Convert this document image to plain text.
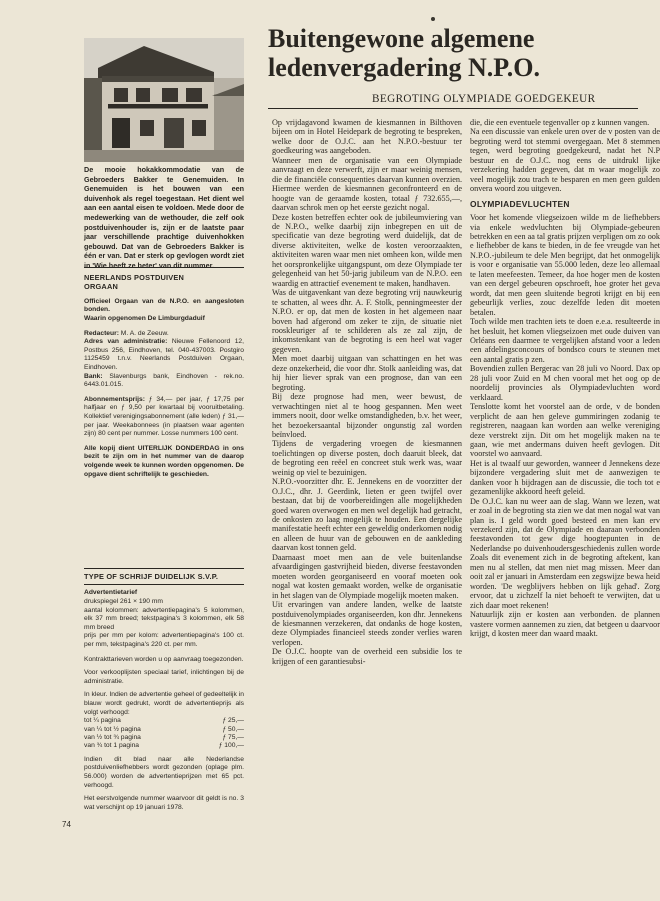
De mooie hokakkommodatie van de Gebroeders Bakker te Genemuiden. In Genemuiden is het bouwen van een duivenhok als regel toegestaan. Het dient wel aan een aantal eisen te voldoen. Mede door de medewerking van de wethouder, die zelf ook postduivenhouder is, zijn er de laatste paar jaar verschillende prachtige duivenhokken gebouwd. Dat van de Gebroeders Bakker is één er van. Dat er sterk op gevlogen wordt ziet in 'Wie heeft ze beter' van dit nummer.
NEERLANDS POSTDUIVEN
ORGAAN
Officieel Orgaan van de N.P.O. en aangesloten bonden.
Waarin opgenomen De Limburgdaduif
Redacteur: M. A. de Zeeuw.
Adres van administratie: Nieuwe Fellenoord 12, Postbus 256, Eindhoven, tel. 040-437003. Postgiro 1125459 t.n.v. Neerlands Postduiven Orgaan, Eindhoven.
Bank: Slavenburgs bank, Eindhoven - rek.no. 6443.01.015.
Abonnementsprijs: ƒ 34,— per jaar, ƒ 17,75 per halfjaar en ƒ 9,50 per kwartaal bij vooruitbetaling. Kollektief verenigingsabonnement (alle leden) ƒ 31,— per jaar. Weekabonnees (in plaatsen waar agenten zijn) 80 cent per nummer. Losse nummers 100 cent.
Alle kopij dient UITERLIJK DONDERDAG in ons bezit te zijn om in het nummer van de daarop volgende week te kunnen worden opgenomen. De opgave dient schriftelijk te geschieden.
TYPE OF SCHRIJF DUIDELIJK S.V.P.
Advertentietarief
drukspiegel 261 × 190 mm
aantal kolommen: advertentiepagina's 5 kolommen, elk 37 mm breed; tekstpagina's 3 kolommen, elk 58 mm breed
prijs per mm per kolom: advertentiepagina's 100 ct. per mm, tekstpagina's 220 ct. per mm.
Kontrakttarieven worden u op aanvraag toegezonden.
Voor verkooplijsten speciaal tarief, inlichtingen bij de administratie.
In kleur. Indien de advertentie geheel of gedeeltelijk in blauw wordt gedrukt, wordt de advertentieprijs als volgt verhoogd:
tot ¼ pagina	ƒ 25,—
van ¼ tot ½ pagina	ƒ 50,—
van ½ tot ¾ pagina	ƒ 75,—
van ¾ tot 1 pagina	ƒ 100,—
Indien dit blad naar alle Nederlandse postduivenliefhebbers wordt gezonden (oplage plm. 56.000) worden de advertentieprijzen met 65 pct. verhoogd.
Het eerstvolgende nummer waarvoor dit geldt is no. 3 wat verschijnt op 19 januari 1978.
74
Buitengewone algemene
ledenvergadering N.P.O.
BEGROTING OLYMPIADE GOEDGEKEUR

Op vrijdagavond kwamen de kiesmannen in Bilthoven bijeen om in Hotel Heidepark de begroting te bespreken, welke door de O.J.C. aan het N.P.O.-bestuur ter goedkeuring was aangeboden.

Wanneer men de organisatie van een Olympiade aanvraagt en deze verwerft, zijn er maar weinig mensen, die de financiële consequenties daarvan kunnen overzien. Hiermee werden de kiesmannen geconfronteerd en de hoogte van de geraamde kosten, totaal ƒ 732.655,—, daarvan schrok men op het eerste gezicht nogal.

Deze kosten betreffen echter ook de jubileumviering van de N.P.O., welke daarbij zijn inbegrepen en uit de specificatie van deze begroting werd duidelijk, dat de diverse aktiviteiten, welke de kosten veroorzaakten, aktiviteiten waren waar men niet omheen kon, wilde men het oorspronkelijke uitgangspunt, om deze Olympiade ter gelegenheid van het 50-jarig jubileum van de N.P.O. een waardig en attractief evenement te maken, handhaven.

Was de uitgavenkant van deze begroting vrij nauwkeurig te schatten, al wees dhr. A. F. Stolk, penningmeester der N.P.O. er op, dat men de kosten in het algemeen naar boven had afgerond om zeker te zijn, de situatie niet rooskleuriger af te schilderen als ze zal zijn, de inkomstenkant van de begroting is een heel wat vager gegeven.

Men moet daarbij uitgaan van schattingen en het was deze onzekerheid, die voor dhr. Stolk aanleiding was, dat hij hier liever sprak van een prognose, dan van een begroting.

Bij deze prognose had men, weer bewust, de verwachtingen niet al te hoog gespannen. Men weet immers nooit, door welke omstandigheden, b.v. het weer, het bezoekersaantal bijzonder ongunstig zal worden beïnvloed.

Tijdens de vergadering vroegen de kiesmannen toelichtingen op diverse posten, doch daaruit bleek, dat de begroting een reëel en concreet stuk werk was, waar weinig op viel te bezuinigen.

N.P.O.-voorzitter dhr. E. Jennekens en de voorzitter der O.J.C., dhr. J. Geerdink, lieten er geen twijfel over bestaan, dat bij de voorbereidingen alle mogelijkheden goed waren overwogen en men wel degelijk had getracht, de onkosten zo laag mogelijk te houden. Een dergelijke manifestatie heeft echter een geweldig onderkomen nodig en alleen de huur van de gebouwen en de aankleding daarvan kost tonnen geld.

Daarnaast moet men aan de vele buitenlandse afvaardigingen gastvrijheid bieden, diverse feestavonden moeten worden georganiseerd en vooraf moeten ook nogal wat kosten gemaakt worden, welke de organisatie in het slagen van de Olympiade mogelijk moeten maken.

Uit ervaringen van andere landen, welke de laatste postduivenolympiades organiseerden, kon dhr. Jennekens de kiesmannen verzekeren, dat ondanks de hoge kosten, deze Olympiades financieel steeds zonder verlies waren verlopen.

De O.J.C. hoopte van de overheid een subsidie los te krijgen of een garantiesubsi-

die, die een eventuele tegenvaller op z kunnen vangen.

Na een discussie van enkele uren over de v posten van de begroting werd tot stemmi overgegaan. Met 8 stemmen tegen, werd begroting goedgekeurd, nadat het N.P bestuur en de O.J.C. nog eens de uitdrukl lijke verzekering hadden gegeven, dat m waar mogelijk zo veel mogelijk zou trach te besparen en men geen gulden onvera woord zou uitgeven.

OLYMPIADEVLUCHTEN

Voor het komende vliegseizoen wilde m de liefhebbers via enkele wedvluchten bij Olympiade-gebeuren betrekken en een aa tal gratis prijzen verpligen om zo ook e liefhebber de kans te bieden, in de fee vreugde van het N.P.O.-jubileum te dele Men begrijpt, dat het onmogelijk is voor e organisatie van 55.000 leden, deze leo allemaal te laten meefeesten. Temeer, da hoe hoger men de kosten van een dergel gebeuren opschroeft, hoe groter het geva wordt, dat men geen sluitende begroti krijgt en bij een gebeurlijk verlies, zouc dezelfde leden dit moeten betalen.

Toch wilde men trachten iets te doen e.e.a. resulteerde in het besluit, het komen vliegseizoen met oude duiven van Orléans een daarmee te vergelijken afstand voor a leden een afdelingsconcours of bondsco cours te steunen met een aantal gratis p zen.

Bovendien zullen Bergerac van 28 juli vo Noord. Dax op 28 juli voor Zuid en M chen vooral met het oog op de noordelij provincies als Olympiadevluchten word verklaard.

Tenslotte komt het voorstel aan de orde, v de bonden verplicht de aan hen geleve gummiringen zodanig te registreren, naagaan kan worden aan welke vereniging deze verstrekt zijn. Dit om het mogelijk maken na te gaan, wie met andermans duiven heeft gevlogen. Dit voorstel wo aanvaard.

Het is al twaalf uur geworden, wanneer d Jennekens deze bijzondere vergadering sluit met de aanwezigen te danken voor h bijdragen aan de discussie, die toch tot e gezamenlijke akkoord heeft geleid.

De O.J.C. kan nu weer aan de slag. Wann we lezen, wat er zoal in de begroting sta zien we dat men nogal wat van plan is. I geld wordt goed besteed en men kan erv verzekerd zijn, dat de Olympiade en daaraan verbonden feestavonden tot gew dige hoogtepunten in de Nederlandse po duivenhoudersgeschiedenis zullen worde Zoals dit evenement zich in de begroting aftekent, kan men nu al stellen, dat men niet mag missen. Meer dan ooit zal er januari in Amsterdam een zegswijze bewa heid worden. 'De wegblijvers hebben on lijk gehad'. Zorg ervoor, dat u zichzelf la niet behoeft te verwijten, dat u zich daar moet rekenen!

Natuurlijk zijn er kosten aan verbonden. de plannen vastere vormen aannemen zu zien, dat betgeen u daarvoor krijgt, d kosten meer dan waard maakt.
